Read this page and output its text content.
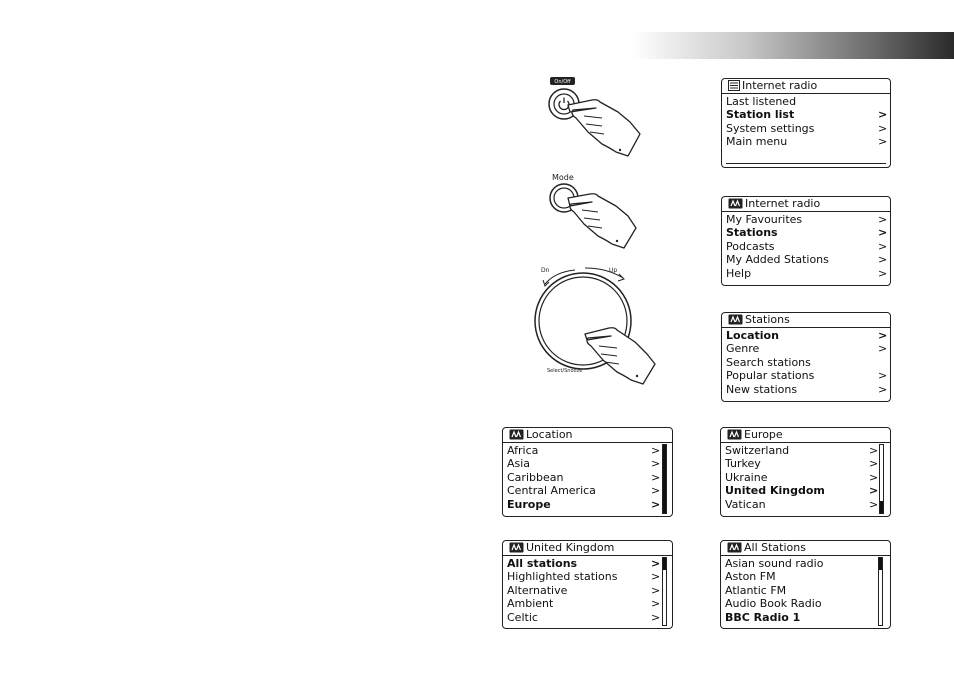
On/Off
Mode
Dn	Up
Select/Snooze
Internet radio
Last listened
Station list	>
System settings	>
Main menu	>
Internet radio
My Favourites	>
Stations	>
Podcasts	>
My Added Stations	>
Help	>
Stations
Location	>
Genre	>
Search stations
Popular stations	>
New stations	>
Location
Africa	>
Asia	>
Caribbean	>
Central America	>
Europe	>
Europe
Switzerland	>
Turkey	>
Ukraine	>
United Kingdom	>
Vatican	>
United Kingdom
All stations	>
Highlighted stations	>
Alternative	>
Ambient	>
Celtic	>
All Stations
Asian sound radio
Aston FM
Atlantic FM
Audio Book Radio
BBC Radio 1
